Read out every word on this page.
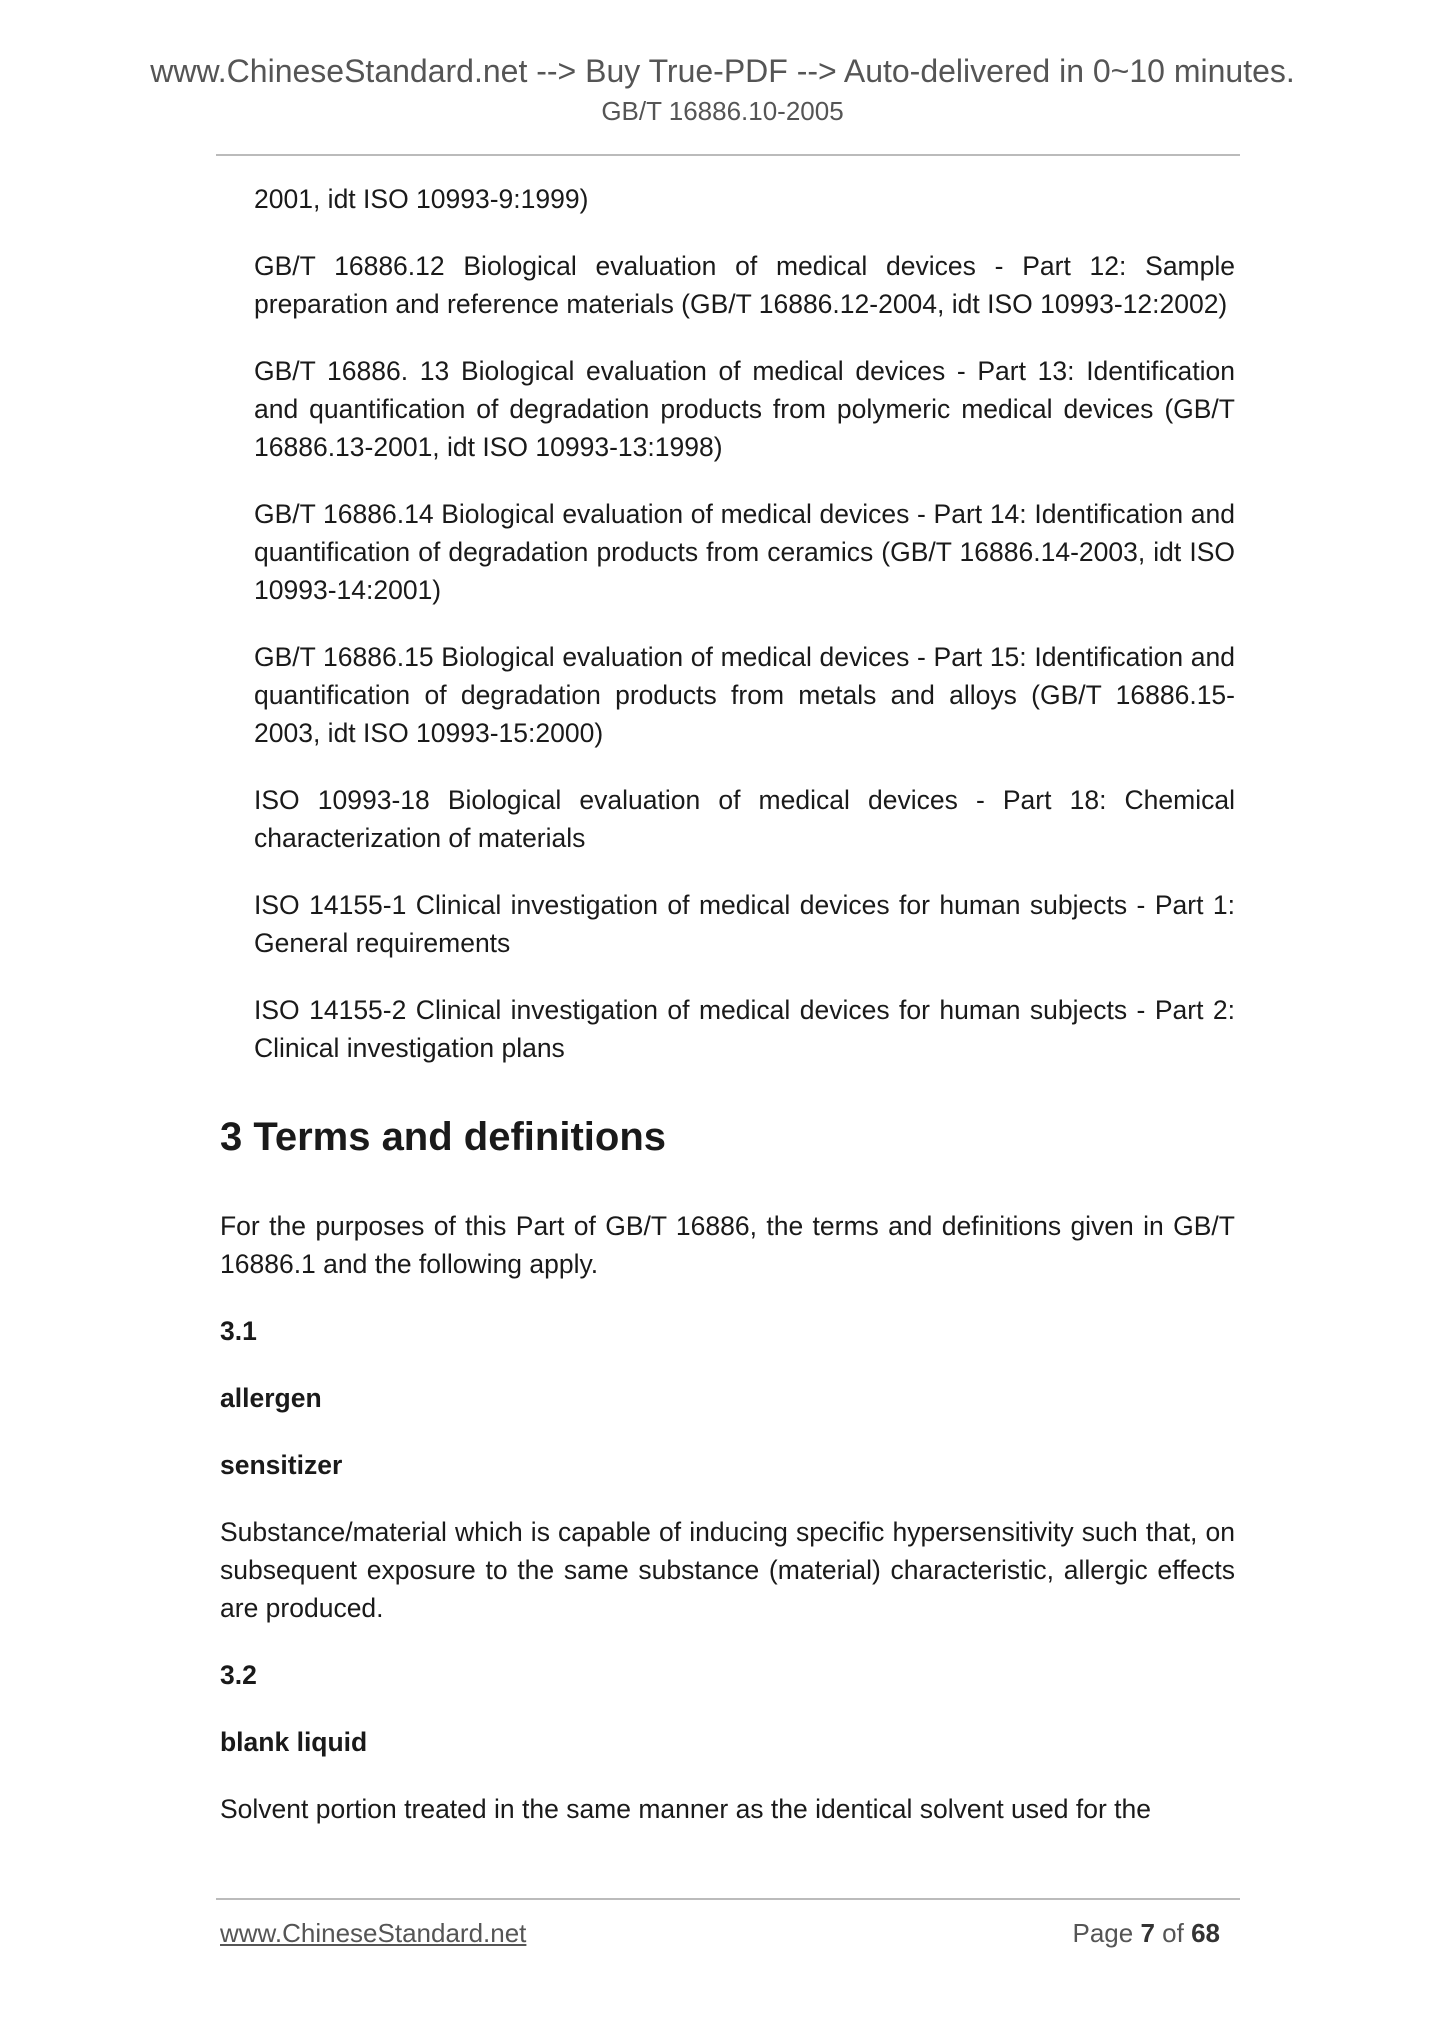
www.ChineseStandard.net --> Buy True-PDF --> Auto-delivered in 0~10 minutes.
GB/T 16886.10-2005
2001, idt ISO 10993-9:1999)
GB/T 16886.12 Biological evaluation of medical devices - Part 12: Sample preparation and reference materials (GB/T 16886.12-2004, idt ISO 10993-12:2002)
GB/T 16886. 13 Biological evaluation of medical devices - Part 13: Identification and quantification of degradation products from polymeric medical devices (GB/T 16886.13-2001, idt ISO 10993-13:1998)
GB/T 16886.14 Biological evaluation of medical devices - Part 14: Identification and quantification of degradation products from ceramics (GB/T 16886.14-2003, idt ISO 10993-14:2001)
GB/T 16886.15 Biological evaluation of medical devices - Part 15: Identification and quantification of degradation products from metals and alloys (GB/T 16886.15-2003, idt ISO 10993-15:2000)
ISO 10993-18 Biological evaluation of medical devices - Part 18: Chemical characterization of materials
ISO 14155-1 Clinical investigation of medical devices for human subjects - Part 1: General requirements
ISO 14155-2 Clinical investigation of medical devices for human subjects - Part 2: Clinical investigation plans
3 Terms and definitions
For the purposes of this Part of GB/T 16886, the terms and definitions given in GB/T 16886.1 and the following apply.
3.1
allergen
sensitizer
Substance/material which is capable of inducing specific hypersensitivity such that, on subsequent exposure to the same substance (material) characteristic, allergic effects are produced.
3.2
blank liquid
Solvent portion treated in the same manner as the identical solvent used for the
www.ChineseStandard.net	Page 7 of 68
